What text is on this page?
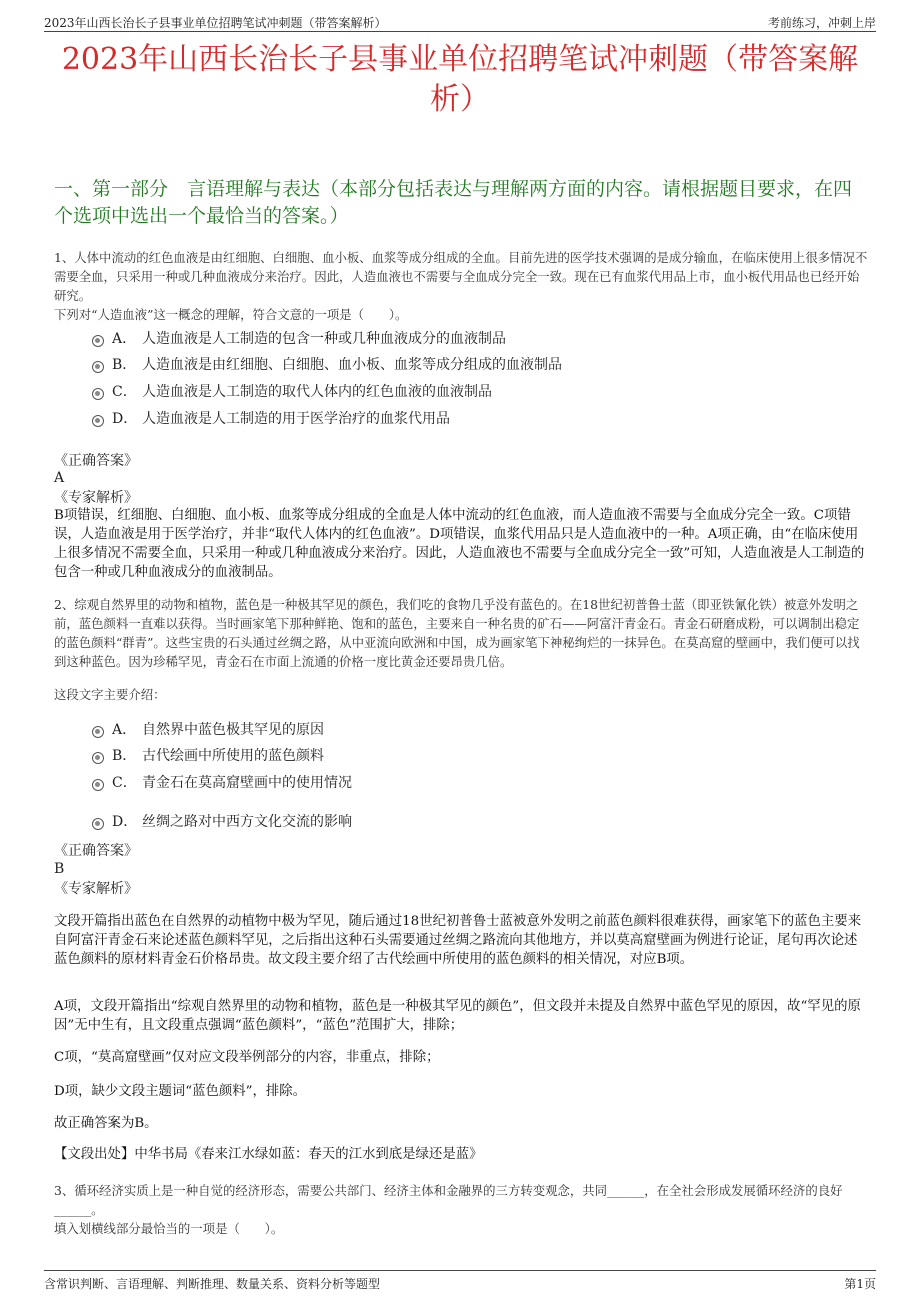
2023年山西长治长子县事业单位招聘笔试冲刺题（带答案解析）	考前练习，冲刺上岸
2023年山西长治长子县事业单位招聘笔试冲刺题（带答案解析）
一、第一部分　言语理解与表达（本部分包括表达与理解两方面的内容。请根据题目要求，在四个选项中选出一个最恰当的答案。）
1、人体中流动的红色血液是由红细胞、白细胞、血小板、血浆等成分组成的全血。目前先进的医学技术强调的是成分输血，在临床使用上很多情况不需要全血，只采用一种或几种血液成分来治疗。因此，人造血液也不需要与全血成分完全一致。现在已有血浆代用品上市，血小板代用品也已经开始研究。
下列对“人造血液”这一概念的理解，符合文意的一项是（　　）。
A． 人造血液是人工制造的包含一种或几种血液成分的血液制品
B． 人造血液是由红细胞、白细胞、血小板、血浆等成分组成的血液制品
C． 人造血液是人工制造的取代人体内的红色血液的血液制品
D． 人造血液是人工制造的用于医学治疗的血浆代用品
《正确答案》
A
《专家解析》
B项错误，红细胞、白细胞、血小板、血浆等成分组成的全血是人体中流动的红色血液，而人造血液不需要与全血成分完全一致。C项错误，人造血液是用于医学治疗，并非“取代人体内的红色血液”。D项错误，血浆代用品只是人造血液中的一种。A项正确，由“在临床使用上很多情况不需要全血，只采用一种或几种血液成分来治疗。因此，人造血液也不需要与全血成分完全一致”可知，人造血液是人工制造的包含一种或几种血液成分的血液制品。
2、综观自然界里的动物和植物，蓝色是一种极其罕见的颜色，我们吃的食物几乎没有蓝色的。在18世纪初普鲁士蓝（即亚铁氰化铁）被意外发明之前，蓝色颜料一直难以获得。当时画家笔下那种鲜艳、饱和的蓝色，主要来自一种名贵的矿石——阿富汗青金石。青金石研磨成粉，可以调制出稳定的蓝色颜料“群青”。这些宝贵的石头通过丝绸之路，从中亚流向欧洲和中国，成为画家笔下神秘绚烂的一抹异色。在莫高窟的壁画中，我们便可以找到这种蓝色。因为珍稀罕见，青金石在市面上流通的价格一度比黄金还要昂贵几倍。
这段文字主要介绍：
A． 自然界中蓝色极其罕见的原因
B． 古代绘画中所使用的蓝色颜料
C． 青金石在莫高窟壁画中的使用情况
D． 丝绸之路对中西方文化交流的影响
《正确答案》
B
《专家解析》
文段开篇指出蓝色在自然界的动植物中极为罕见，随后通过18世纪初普鲁士蓝被意外发明之前蓝色颜料很难获得，画家笔下的蓝色主要来自阿富汗青金石来论述蓝色颜料罕见，之后指出这种石头需要通过丝绸之路流向其他地方，并以莫高窟壁画为例进行论证，尾句再次论述蓝色颜料的原材料青金石价格昂贵。故文段主要介绍了古代绘画中所使用的蓝色颜料的相关情况，对应B项。
A项，文段开篇指出“综观自然界里的动物和植物，蓝色是一种极其罕见的颜色”，但文段并未提及自然界中蓝色罕见的原因，故“罕见的原因”无中生有，且文段重点强调“蓝色颜料”，“蓝色”范围扩大，排除；
C项，“莫高窟壁画”仅对应文段举例部分的内容，非重点，排除；
D项，缺少文段主题词“蓝色颜料”，排除。
故正确答案为B。
【文段出处】中华书局《春来江水绿如蓝：春天的江水到底是绿还是蓝》
3、循环经济实质上是一种自觉的经济形态，需要公共部门、经济主体和金融界的三方转变观念，共同______，在全社会形成发展循环经济的良好______。
填入划横线部分最恰当的一项是（　　）。
含常识判断、言语理解、判断推理、数量关系、资料分析等题型	第1页
